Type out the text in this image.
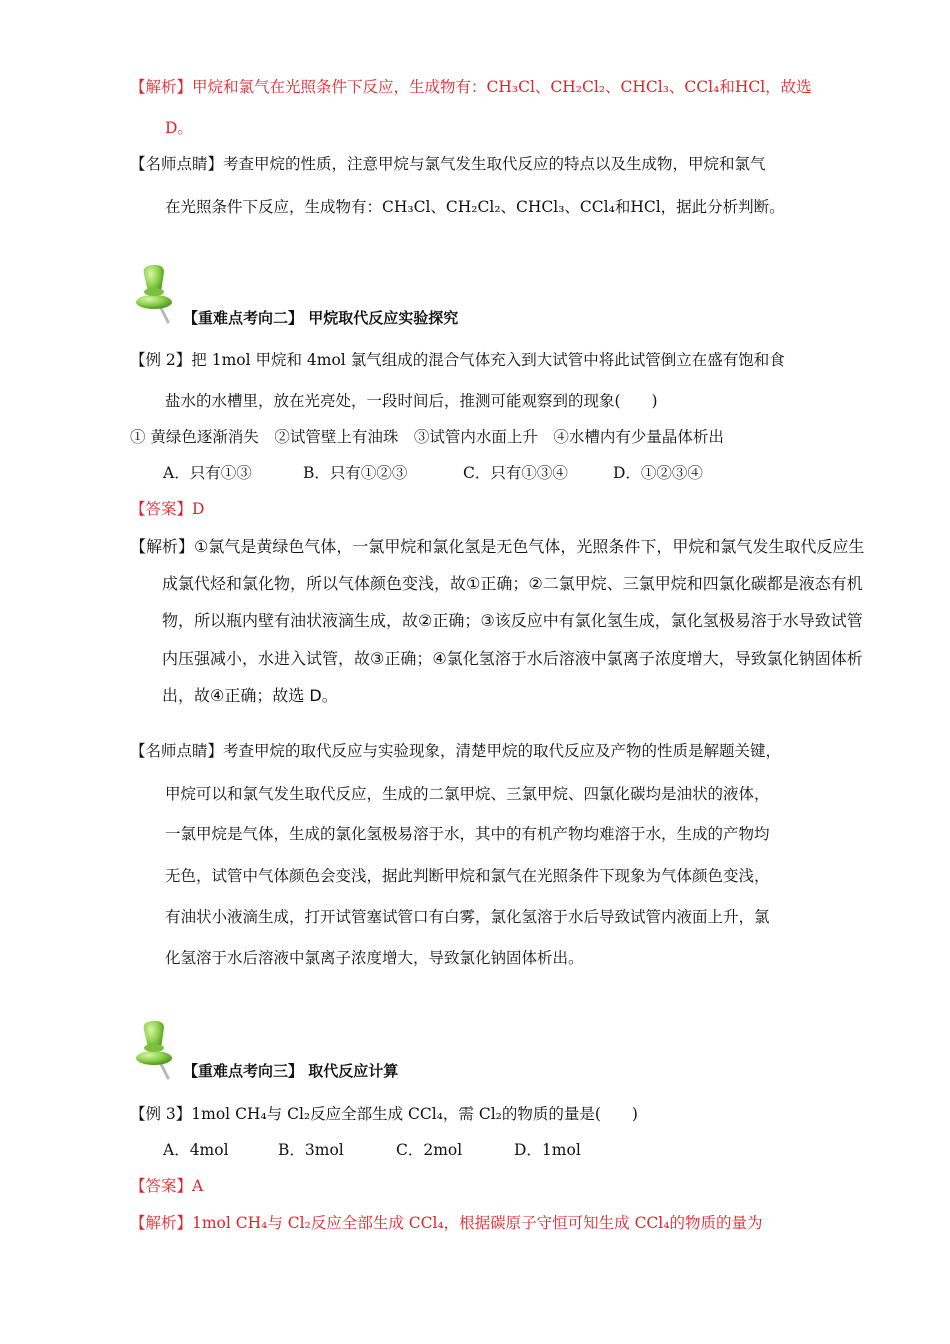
【解析】甲烷和氯气在光照条件下反应，生成物有：CH₃Cl、CH₂Cl₂、CHCl₃、CCl₄和HCl，故选
D。
【名师点睛】考查甲烷的性质，注意甲烷与氯气发生取代反应的特点以及生成物，甲烷和氯气
在光照条件下反应，生成物有：CH₃Cl、CH₂Cl₂、CHCl₃、CCl₄和HCl，据此分析判断。
【重难点考向二】 甲烷取代反应实验探究
【例 2】把 1mol 甲烷和 4mol 氯气组成的混合气体充入到大试管中将此试管倒立在盛有饱和食
盐水的水槽里，放在光亮处，一段时间后，推测可能观察到的现象(　　)
① 黄绿色逐渐消失　②试管壁上有油珠　③试管内水面上升　④水槽内有少量晶体析出
A．只有①③	B．只有①②③	C．只有①③④	D．①②③④
【答案】D
【解析】①氯气是黄绿色气体，一氯甲烷和氯化氢是无色气体，光照条件下，甲烷和氯气发生取代反应生
成氯代烃和氯化物，所以气体颜色变浅，故①正确；②二氯甲烷、三氯甲烷和四氯化碳都是液态有机
物，所以瓶内壁有油状液滴生成，故②正确；③该反应中有氯化氢生成，氯化氢极易溶于水导致试管
内压强减小，水进入试管，故③正确；④氯化氢溶于水后溶液中氯离子浓度增大，导致氯化钠固体析
出，故④正确；故选 D。
【名师点睛】考查甲烷的取代反应与实验现象，清楚甲烷的取代反应及产物的性质是解题关键，
甲烷可以和氯气发生取代反应，生成的二氯甲烷、三氯甲烷、四氯化碳均是油状的液体，
一氯甲烷是气体，生成的氯化氢极易溶于水，其中的有机产物均难溶于水，生成的产物均
无色，试管中气体颜色会变浅，据此判断甲烷和氯气在光照条件下现象为气体颜色变浅，
有油状小液滴生成，打开试管塞试管口有白雾，氯化氢溶于水后导致试管内液面上升，氯
化氢溶于水后溶液中氯离子浓度增大，导致氯化钠固体析出。
【重难点考向三】 取代反应计算
【例 3】1mol CH₄与 Cl₂反应全部生成 CCl₄，需 Cl₂的物质的量是(　　)
A．4mol	B．3mol	C．2mol	D．1mol
【答案】A
【解析】1mol CH₄与 Cl₂反应全部生成 CCl₄，根据碳原子守恒可知生成 CCl₄的物质的量为
